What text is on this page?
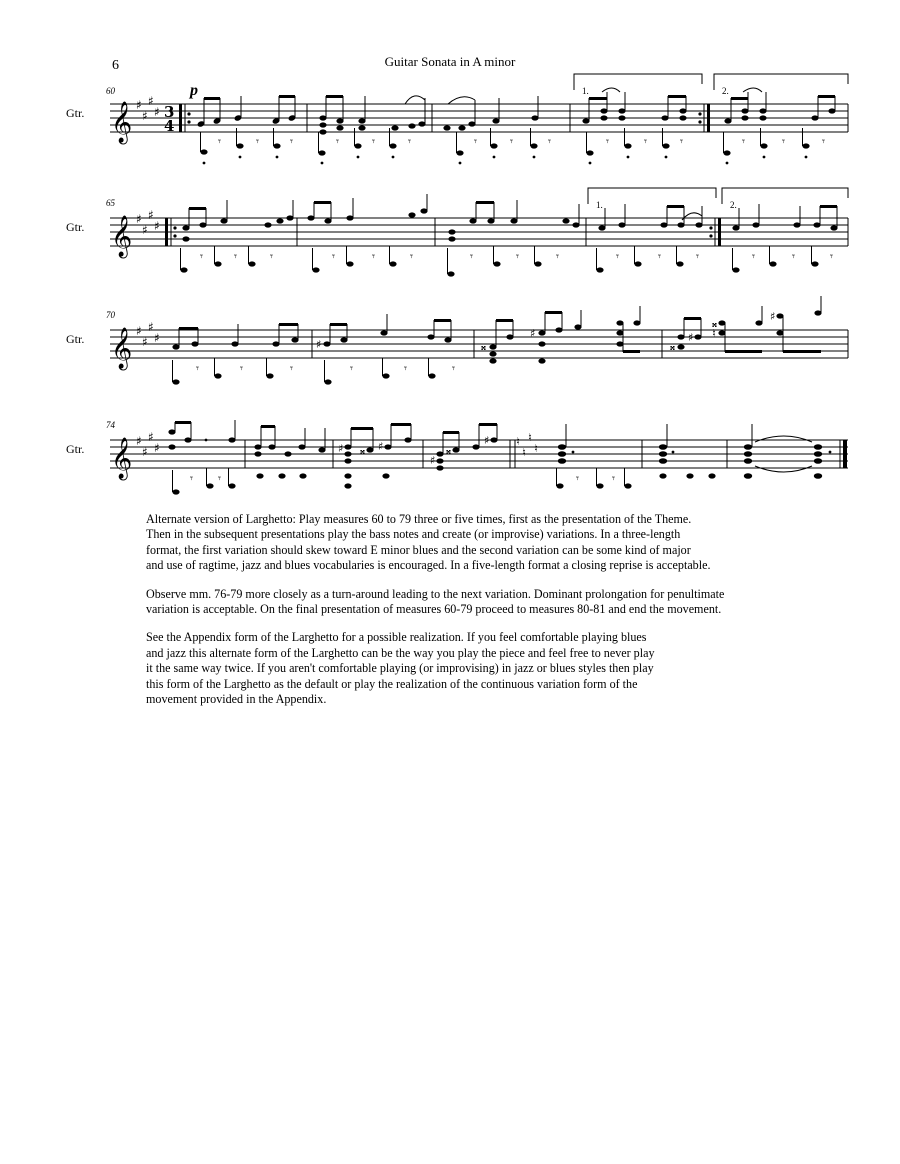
6	Guitar Sonata in A minor
60
Gtr.
p	1.	2.
𝄞 ♯
♯
♯
♯ 3
4
𝄾	𝄾	𝄾	𝄾	𝄾	𝄾	𝄾	𝄾	𝄾	𝄾	𝄾	𝄾	𝄾	𝄾	𝄾
65
Gtr.
1.	2.
𝄞 ♯
♯
♯
♯
𝄾	𝄾	𝄾	𝄾	𝄾	𝄾	𝄾	𝄾	𝄾	𝄾	𝄾	𝄾	𝄾	𝄾	𝄾
70
Gtr. 𝄞 ♯
♯
♯
♯	♯	𝄪
♯
𝄪
♯
𝄪
♮
♯
𝄾	𝄾	𝄾	𝄾	𝄾	𝄾
74
Gtr. 𝄞 ♯
♯
♯
♯	♮
♮
♮
♮
♯ 𝄪 ♯
♯
𝄪
♯
𝄾 𝄾	𝄾	𝄾

Alternate version of Larghetto: Play measures 60 to 79 three or five times, first as the presentation of the Theme.
Then in the subsequent presentations play the bass notes and create (or improvise) variations. In a three-length
format, the first variation should skew toward E minor blues and the second variation can be some kind of major
and use of ragtime, jazz and blues vocabularies is encouraged. In a five-length format a closing reprise is acceptable.

Observe mm. 76-79 more closely as a turn-around leading to the next variation. Dominant prolongation for penultimate
variation is acceptable. On the final presentation of measures 60-79 proceed to measures 80-81 and end the movement.

See the Appendix form of the Larghetto for a possible realization. If you feel comfortable playing blues
and jazz this alternate form of the Larghetto can be the way you play the piece and feel free to never play
it the same way twice. If you aren't comfortable playing (or improvising) in jazz or blues styles then play
this form of the Larghetto as the default or play the realization of the continuous variation form of the
movement provided in the Appendix.
